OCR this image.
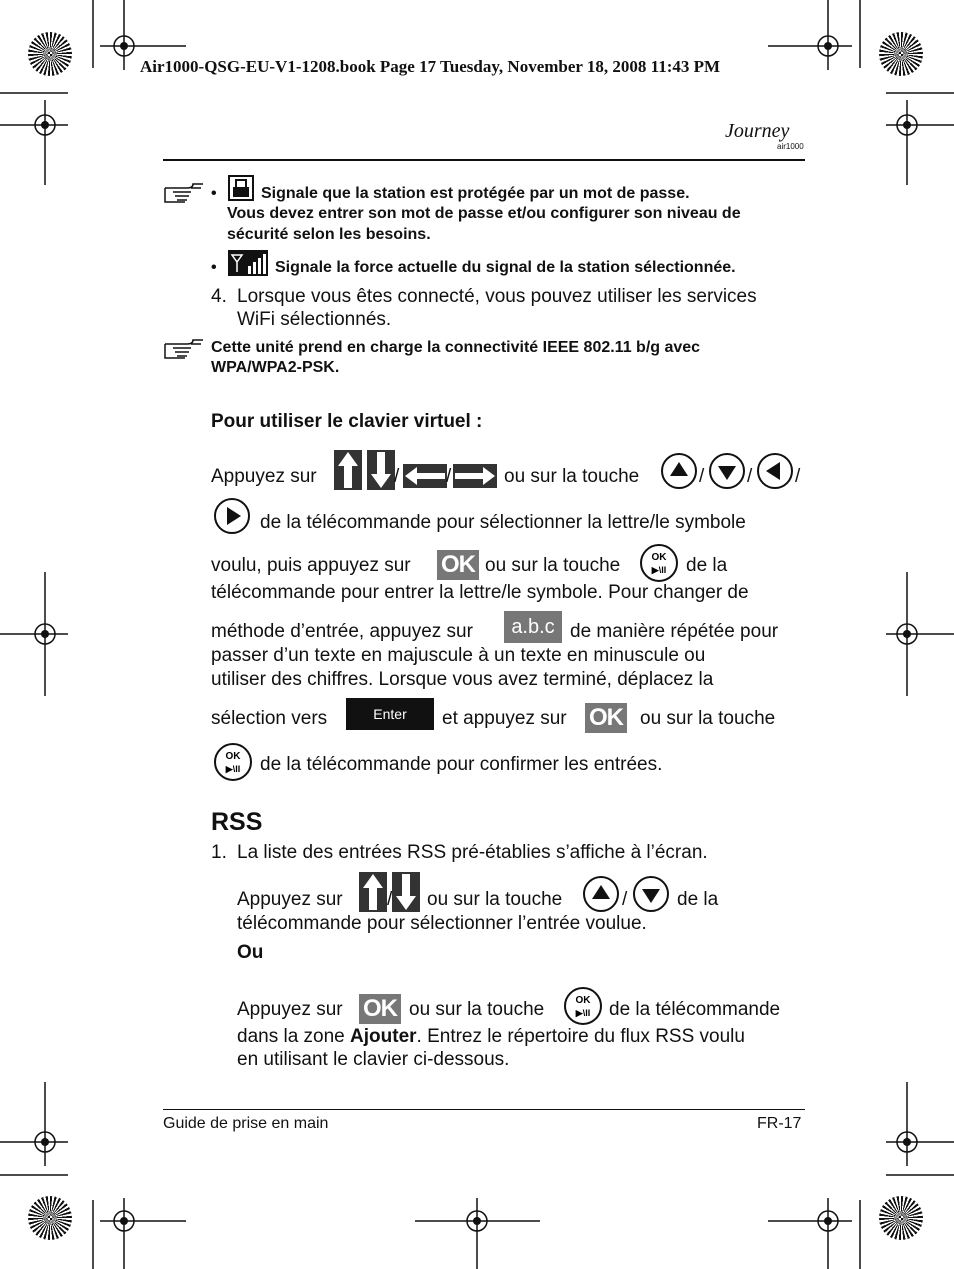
Air1000-QSG-EU-V1-1208.book Page 17 Tuesday, November 18, 2008 11:43 PM
Journey
air1000
•	Signale que la station est protégée par un mot de passe.
Vous devez entrer son mot de passe et/ou configurer son niveau de
sécurité selon les besoins.
•	Signale la force actuelle du signal de la station sélectionnée.
4. Lorsque vous êtes connecté, vous pouvez utiliser les services
WiFi sélectionnés.
Cette unité prend en charge la connectivité IEEE 802.11 b/g avec
WPA/WPA2-PSK.
Pour utiliser le clavier virtuel :
Appuyez sur	/ /	ou sur la touche	/ / /
de la télécommande pour sélectionner la lettre/le symbole
voulu, puis appuyez sur OK ou sur la touche	OK
▶\II de la
télécommande pour entrer la lettre/le symbole. Pour changer de
méthode d’entrée, appuyez sur	a.b.c de manière répétée pour
passer d’un texte en majuscule à un texte en minuscule ou
utiliser des chiffres. Lorsque vous avez terminé, déplacez la
sélection vers	Enter	et appuyez sur OK ou sur la touche
OK
▶\II de la télécommande pour confirmer les entrées.
RSS
1. La liste des entrées RSS pré-établies s’affiche à l’écran.
Appuyez sur / ou sur la touche	/	de la
télécommande pour sélectionner l’entrée voulue.
Ou
Appuyez sur OK ou sur la touche	OK
▶\II de la télécommande
dans la zone Ajouter. Entrez le répertoire du flux RSS voulu
en utilisant le clavier ci-dessous.
Guide de prise en main	FR-17
